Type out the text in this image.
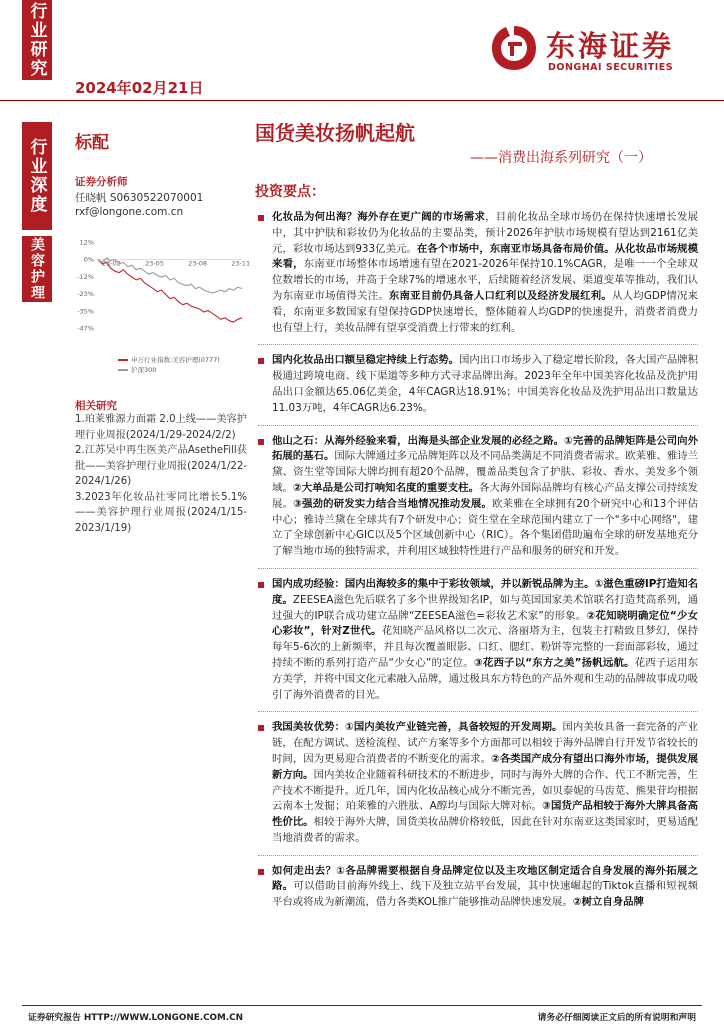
行业研究
行业深度
美容护理
2024年02月21日
东海证券
DONGHAI SECURITIES
标配	国货美妆扬帆起航
——消费出海系列研究（一）
证券分析师
任晓帆 S0630522070001
rxf@longone.com.cn
12%
0%
-12%
-23%
-35%
-47%
23-02	23-05	23-08	23-11
申万行业指数:美容护理(0777)
沪深300
相关研究
1.珀莱雅源力面霜 2.0上线——美容护理行业周报(2024/1/29-2024/2/2)
2.江苏吴中再生医美产品AsetheFill获批——美容护理行业周报(2024/1/22-2024/1/26)
3.2023年化妆品社零同比增长5.1%——美容护理行业周报(2024/1/15-2023/1/19)
投资要点：
化妆品为何出海？海外存在更广阔的市场需求，目前化妆品全球市场仍在保持快速增长发展中，其中护肤和彩妆仍为化妆品的主要品类，预计2026年护肤市场规模有望达到2161亿美元，彩妆市场达到933亿美元。在各个市场中，东南亚市场具备布局价值。从化妆品市场规模来看，东南亚市场整体市场增速有望在2021-2026年保持10.1%CAGR，是唯一一个全球双位数增长的市场，并高于全球7%的增速水平，后续随着经济发展、渠道变革等推动，我们认为东南亚市场值得关注。东南亚目前仍具备人口红利以及经济发展红利。从人均GDP情况来看，东南亚多数国家有望保持GDP快速增长，整体随着人均GDP的快速提升，消费者消费力也有望上行，美妆品牌有望享受消费上行带来的红利。
国内化妆品出口额呈稳定持续上行态势。国内出口市场步入了稳定增长阶段，各大国产品牌积极通过跨境电商、线下渠道等多种方式寻求品牌出海。2023年全年中国美容化妆品及洗护用品出口金额达65.06亿美金，4年CAGR达18.91%；中国美容化妆品及洗护用品出口数量达11.03万吨，4年CAGR达6.23%。
他山之石：从海外经验来看，出海是头部企业发展的必经之路。①完善的品牌矩阵是公司向外拓展的基石。国际大牌通过多元品牌矩阵以及不同品类满足不同消费者需求。欧莱雅、雅诗兰黛、资生堂等国际大牌均拥有超20个品牌，覆盖品类包含了护肤、彩妆、香水、美发多个领域。②大单品是公司打响知名度的重要支柱。各大海外国际品牌均有核心产品支撑公司持续发展。③强劲的研发实力结合当地情况推动发展。欧莱雅在全球拥有20个研究中心和13个评估中心；雅诗兰黛在全球共有7个研发中心；资生堂在全球范围内建立了一个"多中心网络"，建立了全球创新中心GIC以及5个区域创新中心（RIC）。各个集团借助遍布全球的研发基地充分了解当地市场的独特需求，并利用区域独特性进行产品和服务的研究和开发。
国内成功经验：国内出海较多的集中于彩妆领域，并以新锐品牌为主。①滋色重磅IP打造知名度。ZEESEA滋色先后联名了多个世界级知名IP，如与英国国家美术馆联名打造梵高系列，通过强大的IP联合成功建立品牌“ZEESEA滋色=彩妆艺术家”的形象。②花知晓明确定位“少女心彩妆”，针对Z世代。花知晓产品风格以二次元、洛丽塔为主，包装主打精致且梦幻，保持每年5-6次的上新频率，并且每次覆盖眼影、口红、腮红、粉饼等完整的一套面部彩妆，通过持续不断的系列打造产品“少女心”的定位。③花西子以“东方之美”扬帆远航。花西子运用东方美学，并将中国文化元素融入品牌，通过极具东方特色的产品外观和生动的品牌故事成功吸引了海外消费者的目光。
我国美妆优势：①国内美妆产业链完善，具备较短的开发周期。国内美妆具备一套完备的产业链，在配方调试、送检流程、试产方案等多个方面都可以相较于海外品牌自行开发节省较长的时间，因为更易迎合消费者的不断变化的需求。②各类国产成分有望出口海外市场，提供发展新方向。国内美妆企业随着科研技术的不断进步，同时与海外大牌的合作、代工不断完善，生产技术不断提升。近几年，国内化妆品核心成分不断完善，如贝泰妮的马齿苋、熊果苷均根据云南本土发掘；珀莱雅的六胜肽、A醇均与国际大牌对标。③国货产品相较于海外大牌具备高性价比。相较于海外大牌，国货美妆品牌价格较低，因此在针对东南亚这类国家时，更易适配当地消费者的需求。
如何走出去？①各品牌需要根据自身品牌定位以及主攻地区制定适合自身发展的海外拓展之路。可以借助目前海外线上、线下及独立站平台发展，其中快速崛起的Tiktok直播和短视频平台或将成为新潮流，借力各类KOL推广能够推动品牌快速发展。②树立自身品牌
证券研究报告 HTTP://WWW.LONGONE.COM.CN	请务必仔细阅读正文后的所有说明和声明
